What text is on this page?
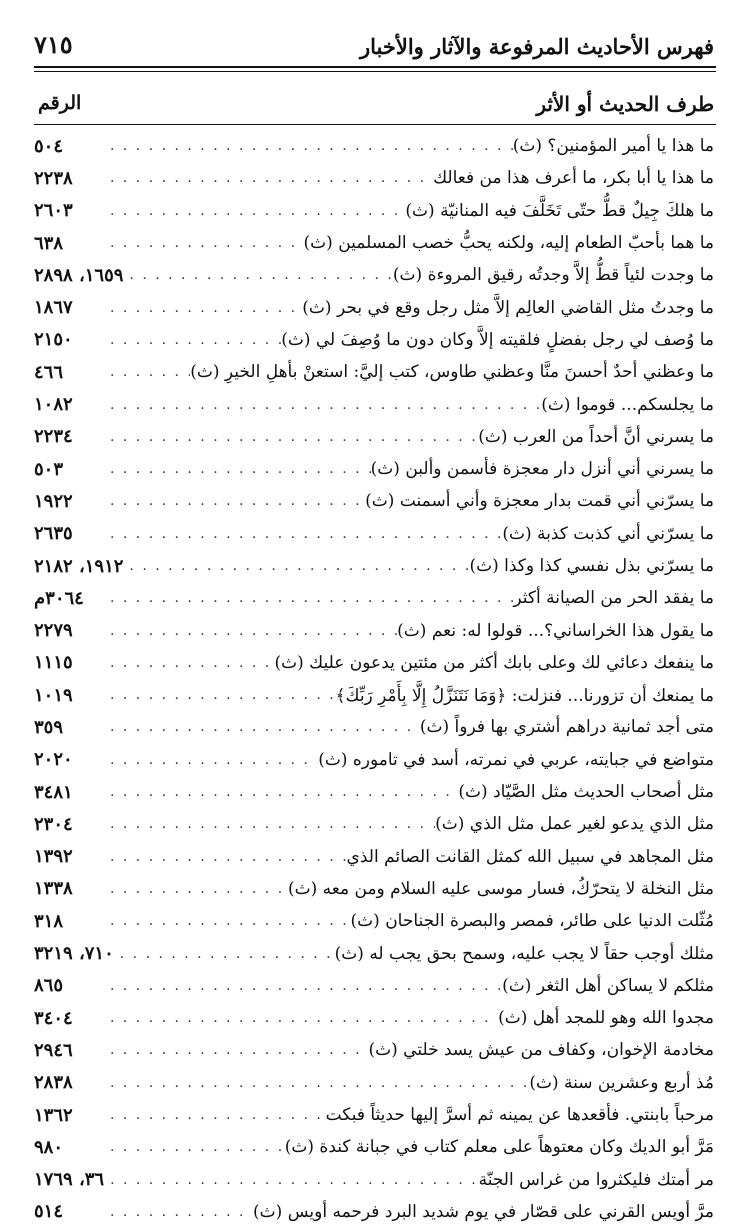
٧١٥	فهرس الأحاديث المرفوعة والآثار والأخبار
طرف الحديث أو الأثر
الرقم
ما هذا يا أمير المؤمنين؟ (ث)
. . .
٥٠٤
ما هذا يا أبا بكر، ما أعرف هذا من فعالك
. . .
٢٢٣٨
ما هلكَ جِيلٌ قطُّ حتّى تَخَلَّفَ فيه المنانيّة (ث)
. . .
٢٦٠٣
ما هما بأحبّ الطعام إليه، ولكنه يحبُّ خصب المسلمين (ث)
. . .
٦٣٨
ما وجدت لئياً قطُّ إلاَّ وجدتُه رقيق المروءة (ث)
. . .
١٦٥٩، ٢٨٩٨
ما وجدتُ مثل القاضي العالِم إلاَّ مثل رجل وقع في بحر (ث)
. . .
١٨٦٧
ما وُصف لي رجل بفضلٍ فلقيته إلاَّ وكان دون ما وُصِفَ لي (ث)
. . .
٢١٥٠
ما وعظني أحدٌ أحسنَ منَّا وعظني طاوس، كتب إليَّ: استعنْ بأهلِ الخيرِ (ث)
. . .
٤٦٦
ما يجلسكم... قوموا (ث)
. . .
١٠٨٢
ما يسرني أنَّ أحداً من العرب (ث)
. . .
٢٢٣٤
ما يسرني أني أنزل دار معجزة فأسمن وألبن (ث)
. . .
٥٠٣
ما يسرّني أني قمت بدار معجزة وأني أسمنت (ث)
. . .
١٩٢٢
ما يسرّني أني كذبت كذبة (ث)
. . .
٢٦٣٥
ما يسرّني بذل نفسي كذا وكذا (ث)
. . .
١٩١٢، ٢١٨٢
ما يفقد الحر من الصيانة أكثر
. . .
٣٠٦٤م
ما يقول هذا الخراساني؟... قولوا له: نعم (ث)
. . .
٢٢٧٩
ما ينفعك دعائي لك وعلى بابك أكثر من مئتين يدعون عليك (ث)
. . .
١١١٥
ما يمنعك أن تزورنا... فنزلت: ﴿وَمَا نَتَنَزَّلُ إِلَّا بِأَمْرِ رَبِّكَ﴾
. . .
١٠١٩
متى أجد ثمانية دراهم أشتري بها فرواً (ث)
. . .
٣٥٩
متواضع في جبايته، عربي في نمرته، أسد في تاموره (ث)
. . .
٢٠٢٠
مثل أصحاب الحديث مثل الصَّيّاد (ث)
. . .
٣٤٨١
مثل الذي يدعو لغير عمل مثل الذي (ث)
. . .
٢٣٠٤
مثل المجاهد في سبيل الله كمثل القانت الصائم الذي
. . .
١٣٩٢
مثل النخلة لا يتحرّكُ، فسار موسى عليه السلام ومن معه (ث)
. . .
١٣٣٨
مُثّلت الدنيا على طائر، فمصر والبصرة الجناحان (ث)
. . .
٣١٨
مثلك أوجب حقاً لا يجب عليه، وسمح بحق يجب له (ث)
. . .
٧١٠، ٣٢١٩
مثلكم لا يساكن أهل الثغر (ث)
. . .
٨٦٥
مجدوا الله وهو للمجد أهل (ث)
. . .
٣٤٠٤
مخادمة الإخوان، وكفاف من عيش يسد خلتي (ث)
. . .
٢٩٤٦
مُذ أربع وعشرين سنة (ث)
. . .
٢٨٣٨
مرحباً بابنتي. فأقعدها عن يمينه ثم أسرَّ إليها حديثاً فبكت
. . .
١٣٦٢
مَرَّ أبو الديك وكان معتوهاً على معلم كتاب في جبانة كندة (ث)
. . .
٩٨٠
مر أمتك فليكثروا من غراس الجنّة
. . .
٣٦، ١٧٦٩
مرَّ أويس القرني على قصّار في يوم شديد البرد فرحمه أويس (ث)
. . .
٥١٤
